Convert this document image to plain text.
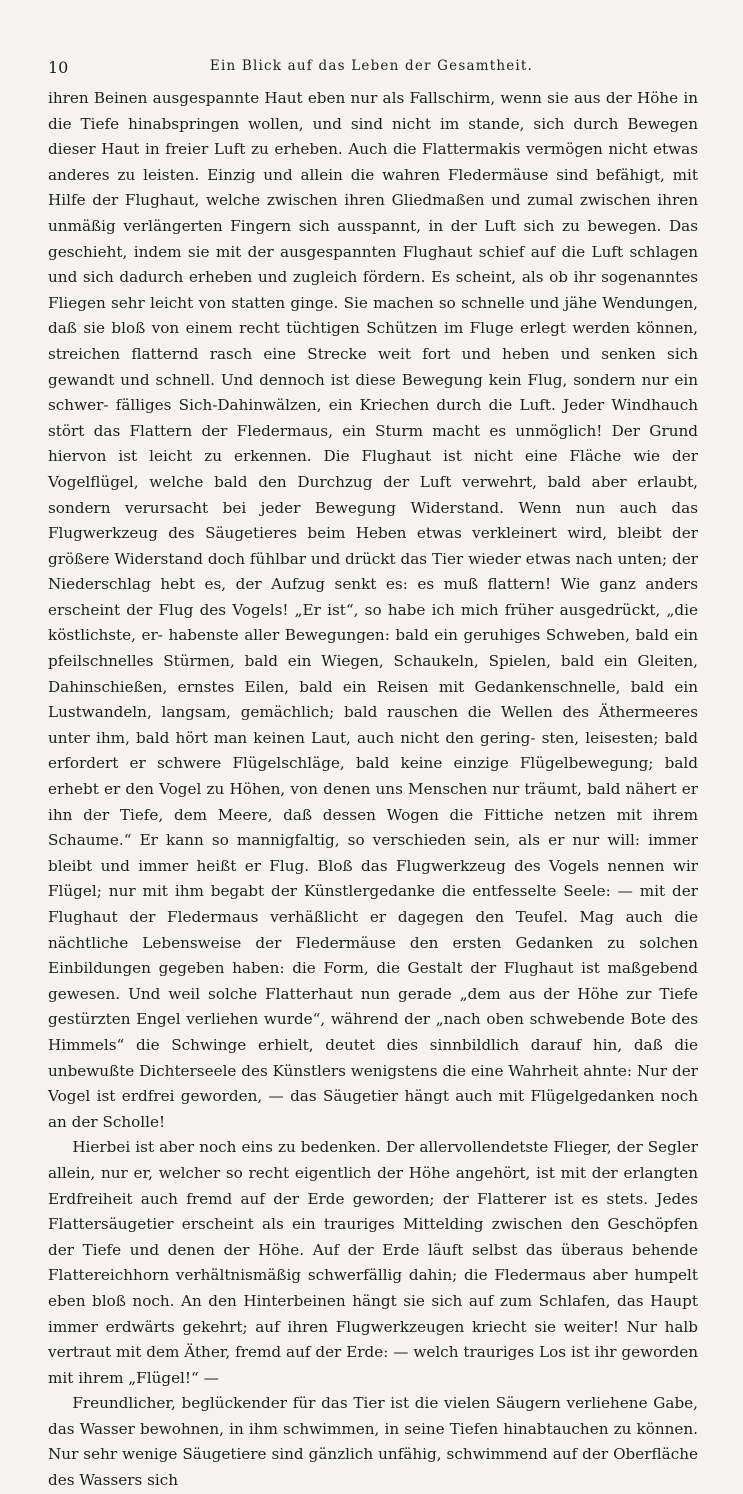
10	Ein Blick auf das Leben der Gesamtheit.

ihren Beinen ausgespannte Haut eben nur als Fallschirm, wenn sie aus der Höhe in die Tiefe hinabspringen wollen, und sind nicht im stande, sich durch Bewegen dieser Haut in freier Luft zu erheben. Auch die Flattermakis vermögen nicht etwas anderes zu leisten. Einzig und allein die wahren Fledermäuse sind befähigt, mit Hilfe der Flughaut, welche zwischen ihren Gliedmaßen und zumal zwischen ihren unmäßig verlängerten Fingern sich ausspannt, in der Luft sich zu bewegen. Das geschieht, indem sie mit der ausgespannten Flughaut schief auf die Luft schlagen und sich dadurch erheben und zugleich fördern. Es scheint, als ob ihr sogenanntes Fliegen sehr leicht von statten ginge. Sie machen so schnelle und jähe Wendungen, daß sie bloß von einem recht tüchtigen Schützen im Fluge erlegt werden können, streichen flatternd rasch eine Strecke weit fort und heben und senken sich gewandt und schnell. Und dennoch ist diese Bewegung kein Flug, sondern nur ein schwer- fälliges Sich-Dahinwälzen, ein Kriechen durch die Luft. Jeder Windhauch stört das Flattern der Fledermaus, ein Sturm macht es unmöglich! Der Grund hiervon ist leicht zu erkennen. Die Flughaut ist nicht eine Fläche wie der Vogelflügel, welche bald den Durchzug der Luft verwehrt, bald aber erlaubt, sondern verursacht bei jeder Bewegung Widerstand. Wenn nun auch das Flugwerkzeug des Säugetieres beim Heben etwas verkleinert wird, bleibt der größere Widerstand doch fühlbar und drückt das Tier wieder etwas nach unten; der Niederschlag hebt es, der Aufzug senkt es: es muß flattern! Wie ganz anders erscheint der Flug des Vogels! „Er ist“, so habe ich mich früher ausgedrückt, „die köstlichste, er- habenste aller Bewegungen: bald ein geruhiges Schweben, bald ein pfeilschnelles Stürmen, bald ein Wiegen, Schaukeln, Spielen, bald ein Gleiten, Dahinschießen, ernstes Eilen, bald ein Reisen mit Gedankenschnelle, bald ein Lustwandeln, langsam, gemächlich; bald rauschen die Wellen des Äthermeeres unter ihm, bald hört man keinen Laut, auch nicht den gering- sten, leisesten; bald erfordert er schwere Flügelschläge, bald keine einzige Flügelbewegung; bald erhebt er den Vogel zu Höhen, von denen uns Menschen nur träumt, bald nähert er ihn der Tiefe, dem Meere, daß dessen Wogen die Fittiche netzen mit ihrem Schaume.“ Er kann so mannigfaltig, so verschieden sein, als er nur will: immer bleibt und immer heißt er Flug. Bloß das Flugwerkzeug des Vogels nennen wir Flügel; nur mit ihm begabt der Künstlergedanke die entfesselte Seele: — mit der Flughaut der Fledermaus verhäßlicht er dagegen den Teufel. Mag auch die nächtliche Lebensweise der Fledermäuse den ersten Gedanken zu solchen Einbildungen gegeben haben: die Form, die Gestalt der Flughaut ist maßgebend gewesen. Und weil solche Flatterhaut nun gerade „dem aus der Höhe zur Tiefe gestürzten Engel verliehen wurde“, während der „nach oben schwebende Bote des Himmels“ die Schwinge erhielt, deutet dies sinnbildlich darauf hin, daß die unbewußte Dichterseele des Künstlers wenigstens die eine Wahrheit ahnte: Nur der Vogel ist erdfrei geworden, — das Säugetier hängt auch mit Flügelgedanken noch an der Scholle!

Hierbei ist aber noch eins zu bedenken. Der allervollendetste Flieger, der Segler allein, nur er, welcher so recht eigentlich der Höhe angehört, ist mit der erlangten Erdfreiheit auch fremd auf der Erde geworden; der Flatterer ist es stets. Jedes Flattersäugetier erscheint als ein trauriges Mittelding zwischen den Geschöpfen der Tiefe und denen der Höhe. Auf der Erde läuft selbst das überaus behende Flattereichhorn verhältnismäßig schwerfällig dahin; die Fledermaus aber humpelt eben bloß noch. An den Hinterbeinen hängt sie sich auf zum Schlafen, das Haupt immer erdwärts gekehrt; auf ihren Flugwerkzeugen kriecht sie weiter! Nur halb vertraut mit dem Äther, fremd auf der Erde: — welch trauriges Los ist ihr geworden mit ihrem „Flügel!“ —

Freundlicher, beglückender für das Tier ist die vielen Säugern verliehene Gabe, das Wasser bewohnen, in ihm schwimmen, in seine Tiefen hinabtauchen zu können. Nur sehr wenige Säugetiere sind gänzlich unfähig, schwimmend auf der Oberfläche des Wassers sich
